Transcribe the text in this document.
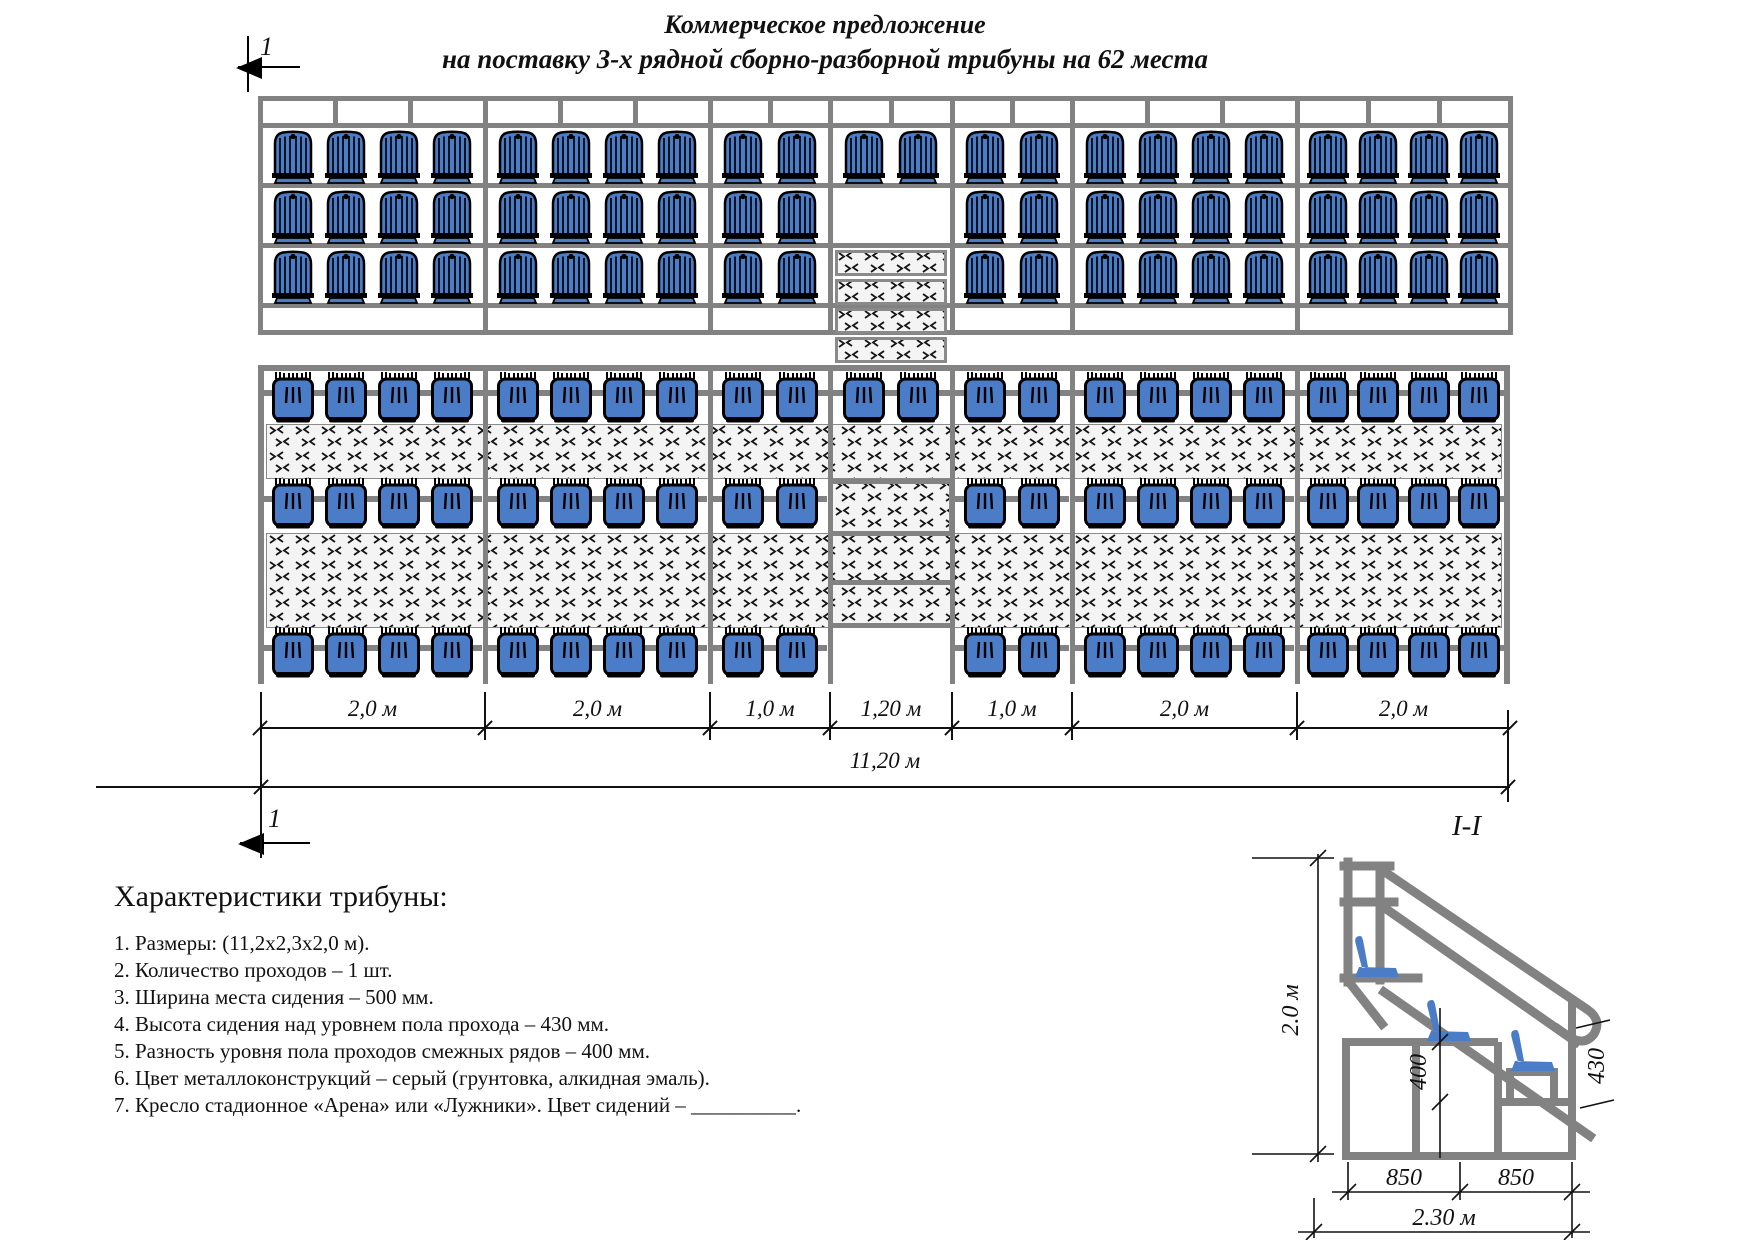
Коммерческое предложение
на поставку 3-х рядной сборно-разборной трибуны на 62 места
1
1	I-I
11,20 м
Характеристики трибуны:
1. Размеры: (11,2х2,3х2,0 м).
2. Количество проходов – 1 шт.
3. Ширина места сидения – 500 мм.
4. Высота сидения над уровнем пола прохода – 430 мм.
5. Разность уровня пола проходов смежных рядов – 400 мм.
6. Цвет металлоконструкций – серый (грунтовка, алкидная эмаль).
7. Кресло стадионное «Арена» или «Лужники». Цвет сидений – __________.
2,0 м	2,0 м	1,0 м	1,20 м	1,0 м	2,0 м	2,0 м
2.0 м
400	430
850	850
2.30 м
